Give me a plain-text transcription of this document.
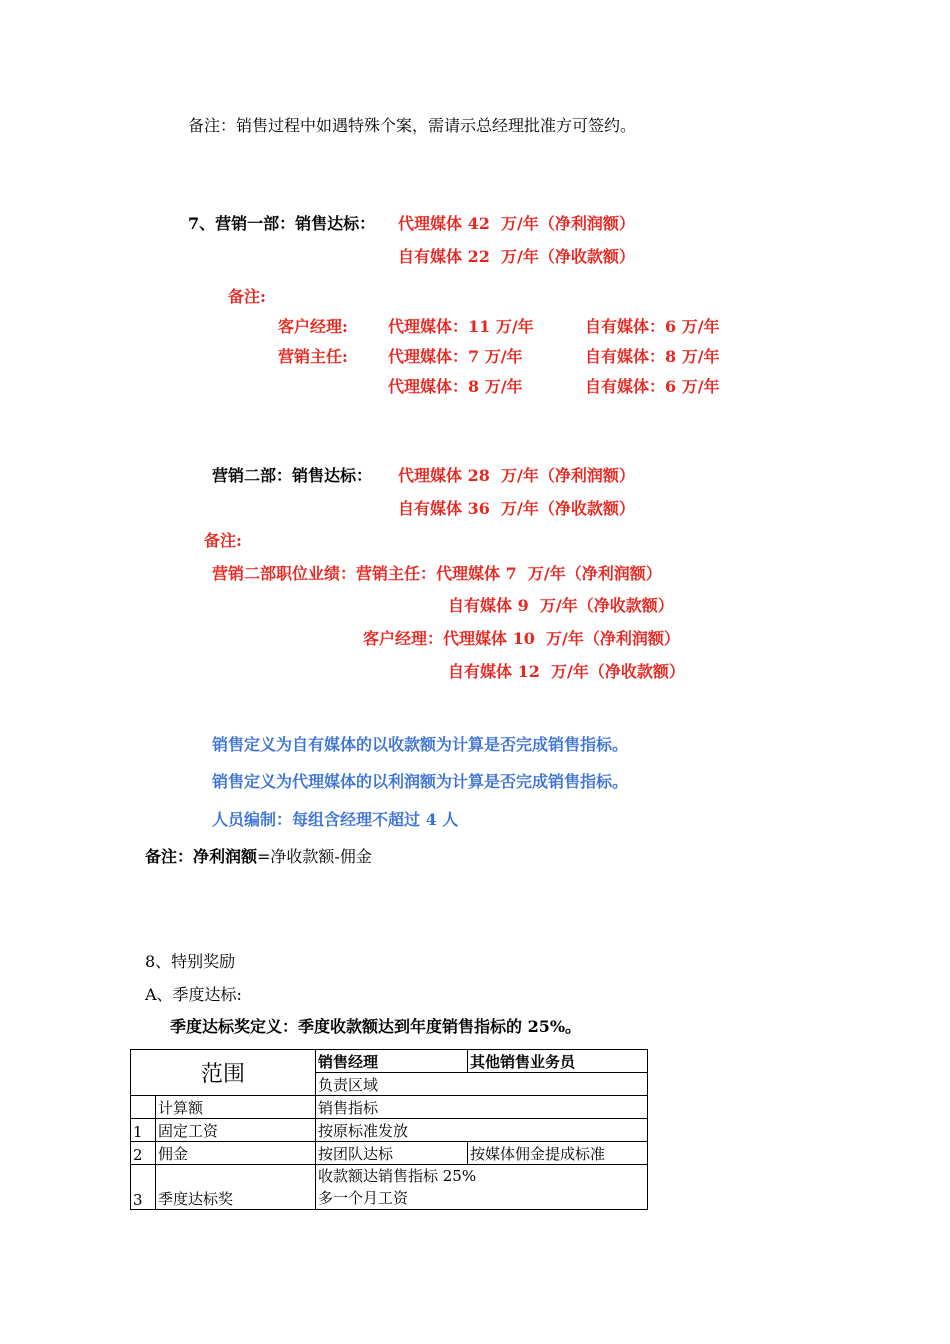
备注：销售过程中如遇特殊个案，需请示总经理批准方可签约。
7、营销一部：销售达标： 代理媒体 42  万/年（净利润额）
自有媒体 22  万/年（净收款额）
备注:
客户经理:	代理媒体：11 万/年	自有媒体：6 万/年
营销主任:	代理媒体：7 万/年	自有媒体：8 万/年
代理媒体：8 万/年	自有媒体：6 万/年
营销二部：销售达标： 代理媒体 28  万/年（净利润额）
自有媒体 36  万/年（净收款额）
备注:
营销二部职位业绩：营销主任：代理媒体 7  万/年（净利润额）
自有媒体 9  万/年（净收款额）
客户经理：代理媒体 10  万/年（净利润额）
自有媒体 12  万/年（净收款额）
销售定义为自有媒体的以收款额为计算是否完成销售指标。
销售定义为代理媒体的以利润额为计算是否完成销售指标。
人员编制：每组含经理不超过 4 人
备注：净利润额=净收款额-佣金
8、特别奖励
A、季度达标:
季度达标奖定义：季度收款额达到年度销售指标的 25%。
范围		销售经理	其他销售业务员
		负责区域	
	计算额	销售指标	
1	固定工资	按原标准发放	
2	佣金	按团队达标	按媒体佣金提成标准
3	季度达标奖	收款额达销售指标 25%
多一个月工资	
